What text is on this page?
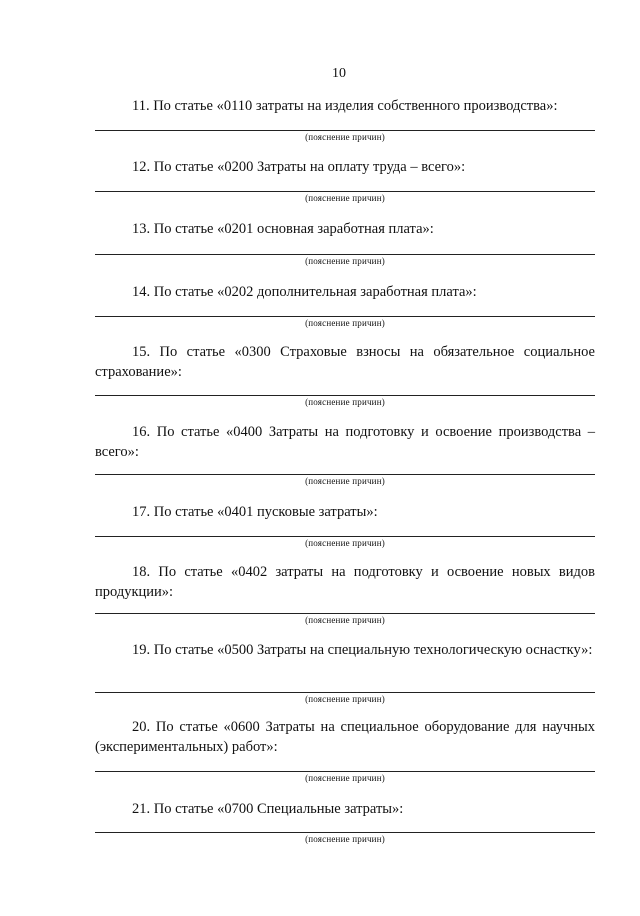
10
11. По статье «0110 затраты на изделия собственного производства»:
(пояснение причин)
12. По статье «0200 Затраты на оплату труда – всего»:
(пояснение причин)
13. По статье «0201 основная заработная плата»:
(пояснение причин)
14. По статье «0202 дополнительная заработная плата»:
(пояснение причин)
15. По статье «0300 Страховые взносы на обязательное социальное страхование»:
(пояснение причин)
16. По статье «0400 Затраты на подготовку и освоение производства – всего»:
(пояснение причин)
17. По статье «0401 пусковые затраты»:
(пояснение причин)
18. По статье «0402 затраты на подготовку и освоение новых видов продукции»:
(пояснение причин)
19. По статье «0500 Затраты на специальную технологическую оснастку»:
(пояснение причин)
20. По статье «0600 Затраты на специальное оборудование для научных (экспериментальных) работ»:
(пояснение причин)
21. По статье «0700 Специальные затраты»:
(пояснение причин)
